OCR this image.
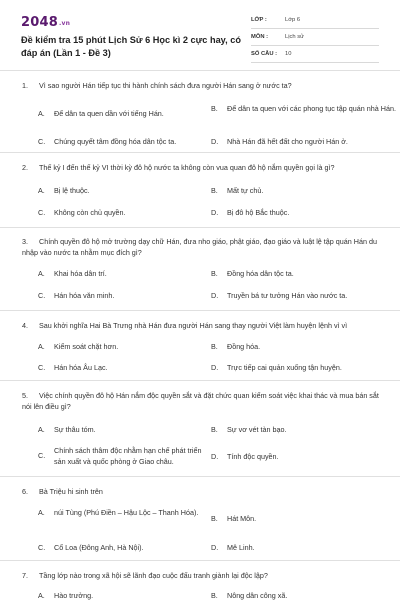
2048.vn
Đề kiểm tra 15 phút Lịch Sử 6 Học kì 2 cực hay, có đáp án (Lần 1 - Đề 3)
LỚP :	Lớp 6
MÔN :	Lịch sử
SỐ CÂU :	10
1. Vì sao người Hán tiếp tục thi hành chính sách đưa người Hán sang ở nước ta?
A.	Để dân ta quen dần với tiếng Hán.
B.	Để dân ta quen với các phong tục tập quán nhà Hán.
C.	Chúng quyết tâm đồng hóa dân tộc ta.	D.	Nhà Hán đã hết đất cho người Hán ở.
2. Thế kỷ I đến thế kỷ VI thời kỳ đô hộ nước ta không còn vua quan đô hộ nắm quyền gọi là gì?
A.	Bị lệ thuộc.	B.	Mất tự chủ.
C.	Không còn chủ quyền.	D.	Bị đô hộ Bắc thuộc.
3. Chính quyền đô hộ mở trường dạy chữ Hán, đưa nho giáo, phật giáo, đạo giáo và luật lệ tập quán Hán du nhập vào nước ta nhằm mục đích gì?
A.	Khai hóa dân trí.	B.	Đồng hóa dân tộc ta.
C.	Hán hóa văn minh.	D.	Truyền bá tư tưởng Hán vào nước ta.
4. Sau khởi nghĩa Hai Bà Trưng nhà Hán đưa người Hán sang thay người Việt làm huyện lệnh vì vì
A.	Kiểm soát chặt hơn.	B.	Đồng hóa.
C.	Hán hóa Âu Lạc.	D.	Trực tiếp cai quản xuống tận huyện.
5. Việc chính quyền đô hộ Hán nắm độc quyền sắt và đặt chức quan kiểm soát việc khai thác và mua bán sắt nói lên điều gì?
A.	Sự thâu tóm.	B.	Sự vơ vét tàn bạo.
C.
Chính sách thâm độc nhằm hạn chế phát triển sản xuất và quốc phòng ở Giao châu.	D.	Tính độc quyền.
6. Bà Triệu hi sinh trên
A.	núi Tùng (Phú Điền – Hậu Lộc – Thanh Hóa).
B.	Hát Môn.
C.	Cổ Loa (Đông Anh, Hà Nội).	D.	Mê Linh.
7. Tầng lớp nào trong xã hội sẽ lãnh đạo cuộc đấu tranh giành lại độc lập?
A.	Hào trưởng.	B.	Nông dân công xã.
